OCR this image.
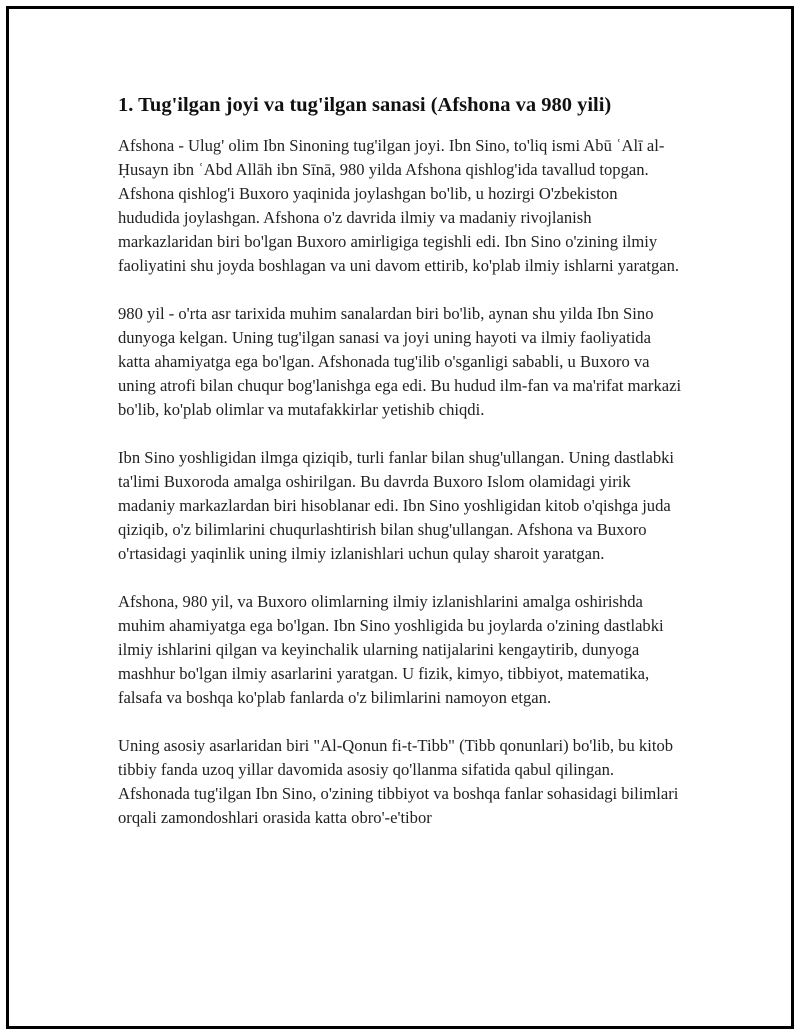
1. Tug'ilgan joyi va tug'ilgan sanasi (Afshona va 980 yili)

Afshona - Ulug' olim Ibn Sinoning tug'ilgan joyi. Ibn Sino, to'liq ismi Abū ʿAlī al-Ḥusayn ibn ʿAbd Allāh ibn Sīnā, 980 yilda Afshona qishlog'ida tavallud topgan. Afshona qishlog'i Buxoro yaqinida joylashgan bo'lib, u hozirgi O'zbekiston hududida joylashgan. Afshona o'z davrida ilmiy va madaniy rivojlanish markazlaridan biri bo'lgan Buxoro amirligiga tegishli edi. Ibn Sino o'zining ilmiy faoliyatini shu joyda boshlagan va uni davom ettirib, ko'plab ilmiy ishlarni yaratgan.

980 yil - o'rta asr tarixida muhim sanalardan biri bo'lib, aynan shu yilda Ibn Sino dunyoga kelgan. Uning tug'ilgan sanasi va joyi uning hayoti va ilmiy faoliyatida katta ahamiyatga ega bo'lgan. Afshonada tug'ilib o'sganligi sababli, u Buxoro va uning atrofi bilan chuqur bog'lanishga ega edi. Bu hudud ilm-fan va ma'rifat markazi bo'lib, ko'plab olimlar va mutafakkirlar yetishib chiqdi.

Ibn Sino yoshligidan ilmga qiziqib, turli fanlar bilan shug'ullangan. Uning dastlabki ta'limi Buxoroda amalga oshirilgan. Bu davrda Buxoro Islom olamidagi yirik madaniy markazlardan biri hisoblanar edi. Ibn Sino yoshligidan kitob o'qishga juda qiziqib, o'z bilimlarini chuqurlashtirish bilan shug'ullangan. Afshona va Buxoro o'rtasidagi yaqinlik uning ilmiy izlanishlari uchun qulay sharoit yaratgan.

Afshona, 980 yil, va Buxoro olimlarning ilmiy izlanishlarini amalga oshirishda muhim ahamiyatga ega bo'lgan. Ibn Sino yoshligida bu joylarda o'zining dastlabki ilmiy ishlarini qilgan va keyinchalik ularning natijalarini kengaytirib, dunyoga mashhur bo'lgan ilmiy asarlarini yaratgan. U fizik, kimyo, tibbiyot, matematika, falsafa va boshqa ko'plab fanlarda o'z bilimlarini namoyon etgan.

Uning asosiy asarlaridan biri "Al-Qonun fi-t-Tibb" (Tibb qonunlari) bo'lib, bu kitob tibbiy fanda uzoq yillar davomida asosiy qo'llanma sifatida qabul qilingan. Afshonada tug'ilgan Ibn Sino, o'zining tibbiyot va boshqa fanlar sohasidagi bilimlari orqali zamondoshlari orasida katta obro'-e'tibor
